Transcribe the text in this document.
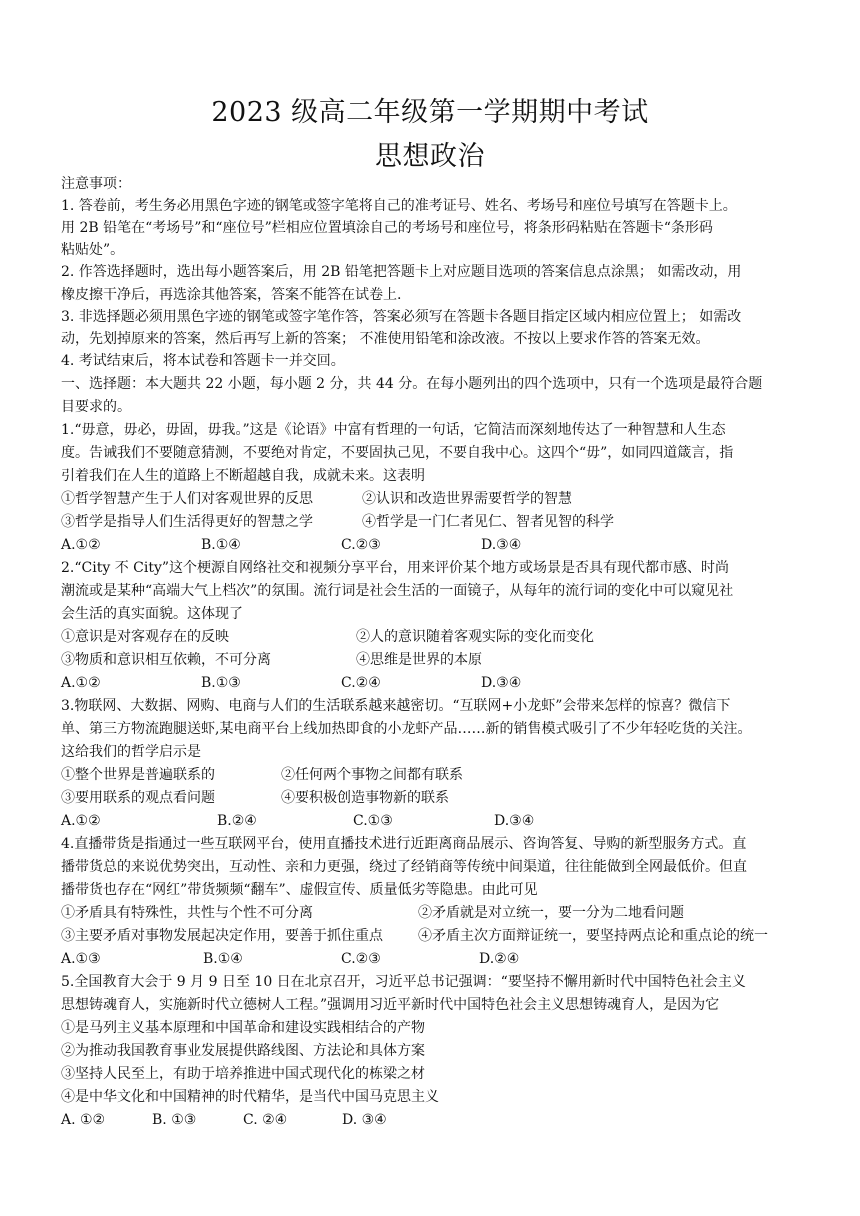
2023 级高二年级第一学期期中考试
思想政治
注意事项：
1. 答卷前，考生务必用黑色字迹的钢笔或签字笔将自己的准考证号、姓名、考场号和座位号填写在答题卡上。
用 2B 铅笔在“考场号”和“座位号”栏相应位置填涂自己的考场号和座位号，将条形码粘贴在答题卡“条形码
粘贴处”。
2. 作答选择题时，选出每小题答案后，用 2B 铅笔把答题卡上对应题目选项的答案信息点涂黑； 如需改动，用
橡皮擦干净后，再选涂其他答案，答案不能答在试卷上.
3. 非选择题必须用黑色字迹的钢笔或签字笔作答，答案必须写在答题卡各题目指定区域内相应位置上； 如需改
动，先划掉原来的答案，然后再写上新的答案； 不准使用铅笔和涂改液。不按以上要求作答的答案无效。
4. 考试结束后，将本试卷和答题卡一并交回。
一、选择题：本大题共 22 小题，每小题 2 分，共 44 分。在每小题列出的四个选项中，只有一个选项是最符合题
目要求的。
1.“毋意，毋必，毋固，毋我。”这是《论语》中富有哲理的一句话，它简洁而深刻地传达了一种智慧和人生态
度。告诫我们不要随意猜测，不要绝对肯定，不要固执己见，不要自我中心。这四个“毋”，如同四道箴言，指
引着我们在人生的道路上不断超越自我，成就未来。这表明
①哲学智慧产生于人们对客观世界的反思	②认识和改造世界需要哲学的智慧
③哲学是指导人们生活得更好的智慧之学	④哲学是一门仁者见仁、智者见智的科学
A.①②	B.①④	C.②③	D.③④
2.“City 不 City”这个梗源自网络社交和视频分享平台，用来评价某个地方或场景是否具有现代都市感、时尚
潮流或是某种“高端大气上档次”的氛围。流行词是社会生活的一面镜子，从每年的流行词的变化中可以窥见社
会生活的真实面貌。这体现了
①意识是对客观存在的反映	②人的意识随着客观实际的变化而变化
③物质和意识相互依赖，不可分离	④思维是世界的本原
A.①②	B.①③	C.②④	D.③④
3.物联网、大数据、网购、电商与人们的生活联系越来越密切。“互联网+小龙虾”会带来怎样的惊喜？微信下
单、第三方物流跑腿送虾,某电商平台上线加热即食的小龙虾产品……新的销售模式吸引了不少年轻吃货的关注。
这给我们的哲学启示是
①整个世界是普遍联系的	②任何两个事物之间都有联系
③要用联系的观点看问题	④要积极创造事物新的联系
A.①②	B.②④	C.①③	D.③④
4.直播带货是指通过一些互联网平台，使用直播技术进行近距离商品展示、咨询答复、导购的新型服务方式。直
播带货总的来说优势突出，互动性、亲和力更强，绕过了经销商等传统中间渠道，往往能做到全网最低价。但直
播带货也存在“网红”带货频频“翻车”、虚假宣传、质量低劣等隐患。由此可见
①矛盾具有特殊性，共性与个性不可分离	②矛盾就是对立统一，要一分为二地看问题
③主要矛盾对事物发展起决定作用，要善于抓住重点	④矛盾主次方面辩证统一，要坚持两点论和重点论的统一
A.①③	B.①④	C.②③	D.②④
5.全国教育大会于 9 月 9 日至 10 日在北京召开，习近平总书记强调：“要坚持不懈用新时代中国特色社会主义
思想铸魂育人，实施新时代立德树人工程。”强调用习近平新时代中国特色社会主义思想铸魂育人，是因为它
①是马列主义基本原理和中国革命和建设实践相结合的产物
②为推动我国教育事业发展提供路线图、方法论和具体方案
③坚持人民至上，有助于培养推进中国式现代化的栋梁之材
④是中华文化和中国精神的时代精华，是当代中国马克思主义
A. ①②	B. ①③	C. ②④	D. ③④
